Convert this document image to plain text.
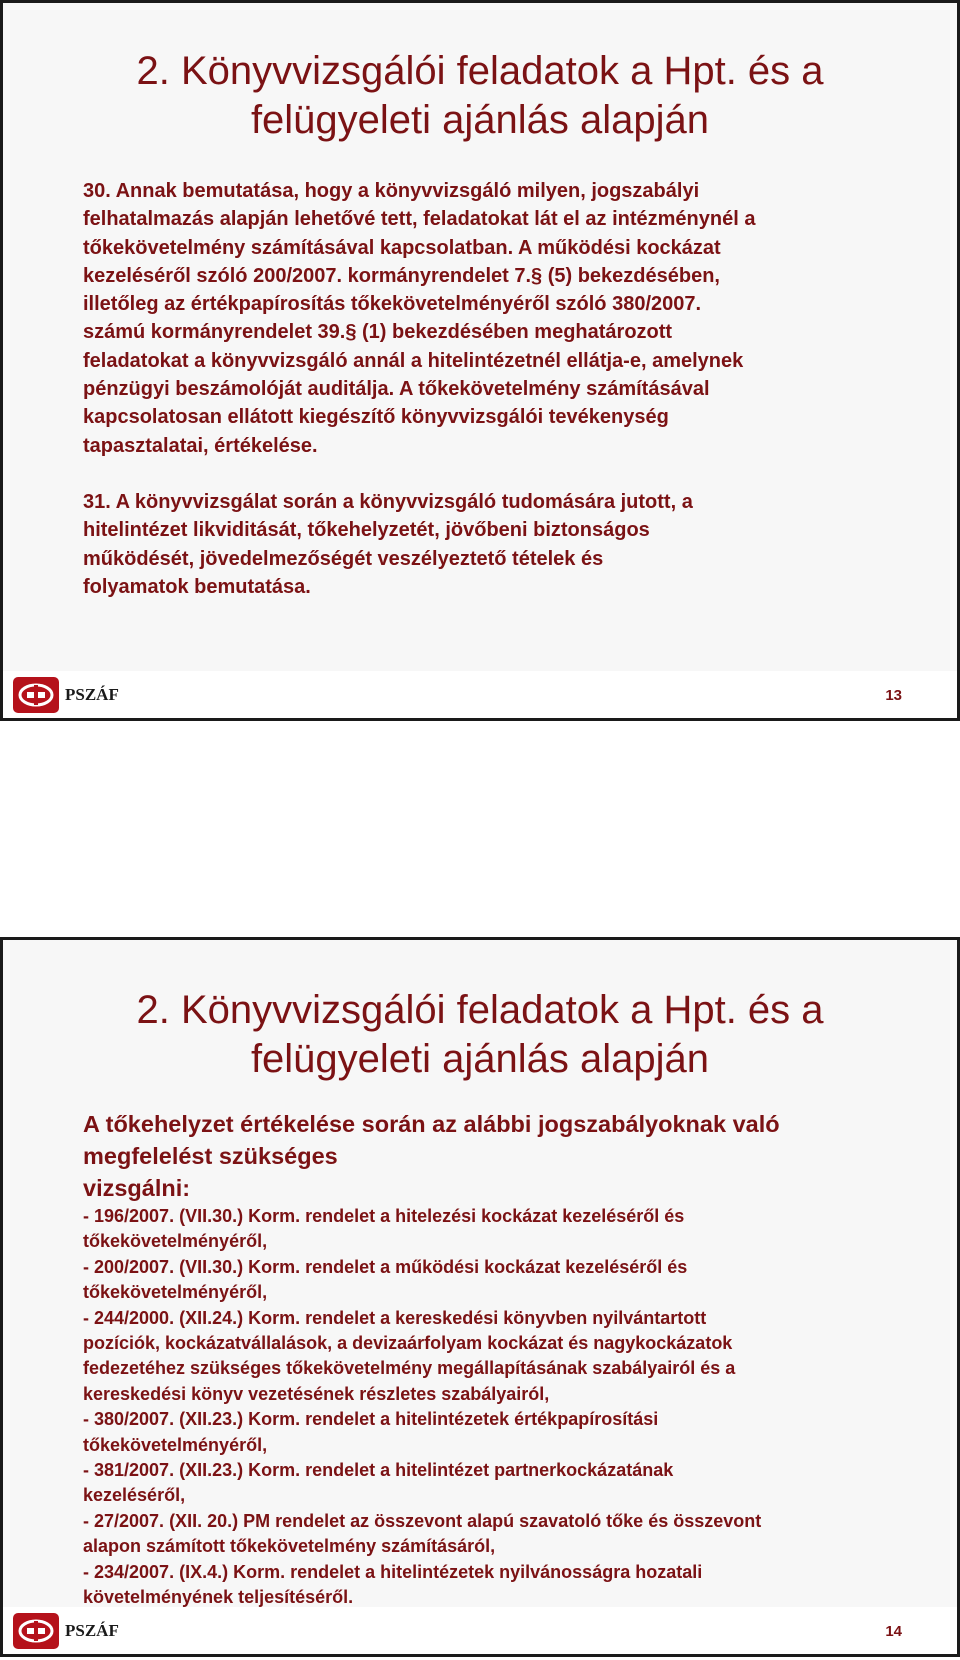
2. Könyvvizsgálói feladatok a Hpt. és a
felügyeleti ajánlás alapján

30. Annak bemutatása, hogy a könyvvizsgáló milyen, jogszabályi
felhatalmazás alapján lehetővé tett, feladatokat lát el az intézménynél a
tőkekövetelmény számításával kapcsolatban. A működési kockázat
kezeléséről szóló 200/2007. kormányrendelet 7.§ (5) bekezdésében,
illetőleg az értékpapírosítás tőkekövetelményéről szóló 380/2007.
számú kormányrendelet 39.§ (1) bekezdésében meghatározott
feladatokat a könyvvizsgáló annál a hitelintézetnél ellátja-e, amelynek
pénzügyi beszámolóját auditálja. A tőkekövetelmény számításával
kapcsolatosan ellátott kiegészítő könyvvizsgálói tevékenység
tapasztalatai, értékelése.

31. A könyvvizsgálat során a könyvvizsgáló tudomására jutott, a
hitelintézet likviditását, tőkehelyzetét, jövőbeni biztonságos
működését, jövedelmezőségét veszélyeztető tételek és
folyamatok bemutatása.

PSZÁF	13
2. Könyvvizsgálói feladatok a Hpt. és a
felügyeleti ajánlás alapján
A tőkehelyzet értékelése során az alábbi jogszabályoknak való
megfelelést szükséges
vizsgálni:
- 196/2007. (VII.30.) Korm. rendelet a hitelezési kockázat kezeléséről és
tőkekövetelményéről,
- 200/2007. (VII.30.) Korm. rendelet a működési kockázat kezeléséről és
tőkekövetelményéről,
- 244/2000. (XII.24.) Korm. rendelet a kereskedési könyvben nyilvántartott
pozíciók, kockázatvállalások, a devizaárfolyam kockázat és nagykockázatok
fedezetéhez szükséges tőkekövetelmény megállapításának szabályairól és a
kereskedési könyv vezetésének részletes szabályairól,
- 380/2007. (XII.23.) Korm. rendelet a hitelintézetek értékpapírosítási
tőkekövetelményéről,
- 381/2007. (XII.23.) Korm. rendelet a hitelintézet partnerkockázatának
kezeléséről,
- 27/2007. (XII. 20.) PM rendelet az összevont alapú szavatoló tőke és összevont
alapon számított tőkekövetelmény számításáról,
- 234/2007. (IX.4.) Korm. rendelet a hitelintézetek nyilvánosságra hozatali
követelményének teljesítéséről.
PSZÁF	14
